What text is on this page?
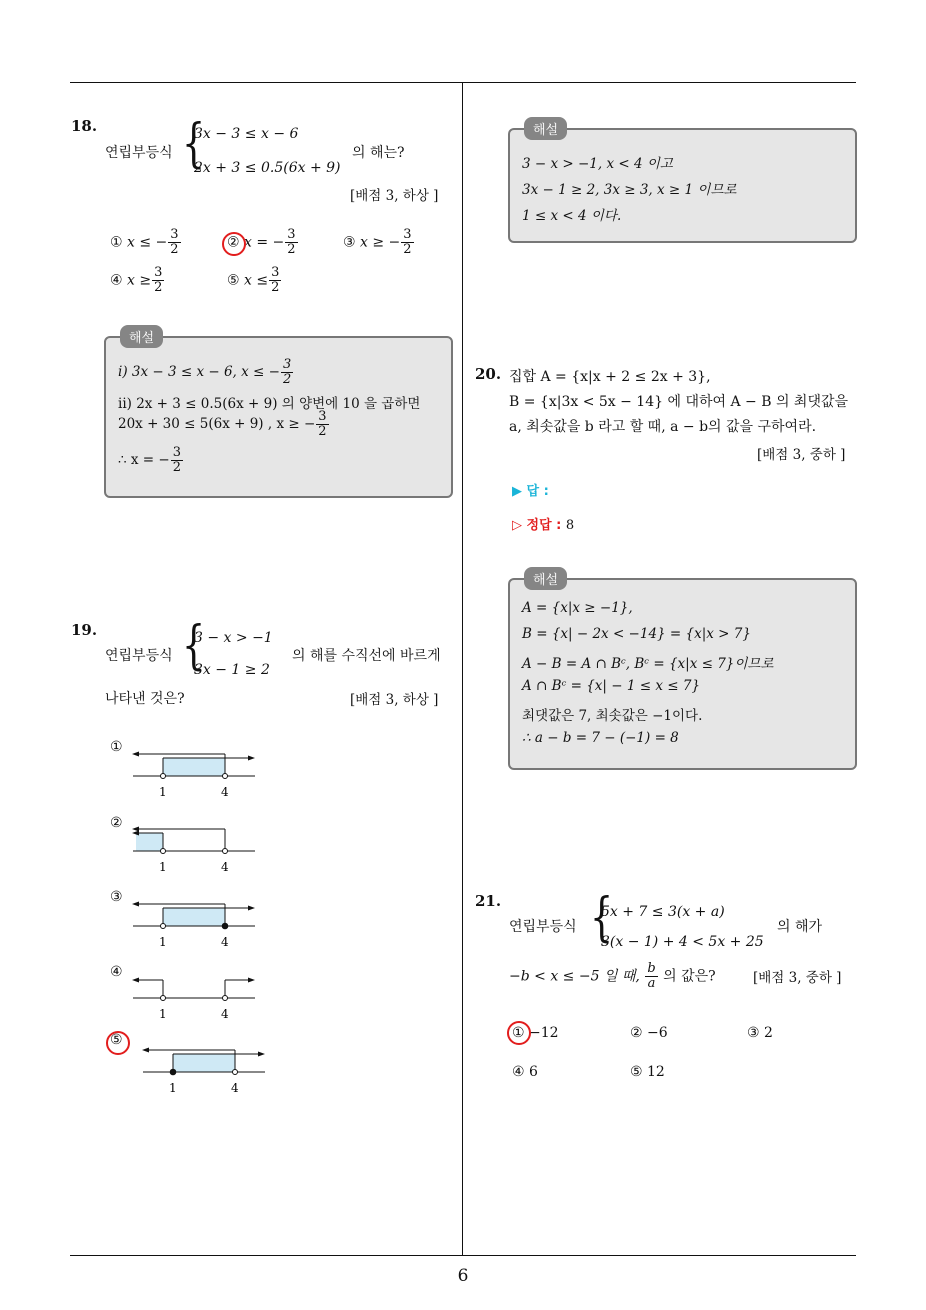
18.
연립부등식 {
3x − 3 ≤ x − 6
2x + 3 ≤ 0.5(6x + 9)
의 해는?
[배점 3, 하상 ]
① x ≤ − $\frac{3}{2}$	② x = − $\frac{3}{2}$	③ x ≥ − $\frac{3}{2}$
④ $x \ge \frac{3}{2}$	⑤ $x \le \frac{3}{2}$
i) 3x − 3 ≤ x − 6, x ≤ − $\frac{3}{2}$
ii) 2x + 3 ≤ 0.5(6x + 9) 의 양변에 10 을 곱하면
20x + 30 ≤ 5(6x + 9) , x ≥ − $\frac{3}{2}$
∴ x = − $\frac{3}{2}$
해설
19.
연립부등식 {
3 − x > −1
3x − 1 ≥ 2
의 해를 수직선에 바르게
나타낸 것은?	[배점 3, 하상 ]
①
1	4
②
1	4
③
1	4
④
1	4
⑤
1	4
3 − x > −1, x < 4 이고
3x − 1 ≥ 2, 3x ≥ 3, x ≥ 1 이므로
1 ≤ x < 4 이다.
해설
20. 집합 A = {x|x + 2 ≤ 2x + 3},
B = {x|3x < 5x − 14} 에 대하여 A − B 의 최댓값을
a, 최솟값을 b 라고 할 때, a − b의 값을 구하여라.
[배점 3, 중하 ]
▶ 답 :
▷ 정답 : 8
A = {x|x ≥ −1},
B = {x| − 2x < −14} = {x|x > 7}
A − B = A ∩ Bᶜ, Bᶜ = {x|x ≤ 7}이므로
A ∩ Bᶜ = {x| − 1 ≤ x ≤ 7}
최댓값은 7, 최솟값은 −1이다.
∴ a − b = 7 − (−1) = 8
해설
21.
연립부등식 {
5x + 7 ≤ 3(x + a)
3(x − 1) + 4 < 5x + 25
의 해가
−b < x ≤ −5 일 때, $\frac{b}{a}$ 의 값은?	[배점 3, 중하 ]
① −12	② −6	③ 2
④ 6	⑤ 12
6
